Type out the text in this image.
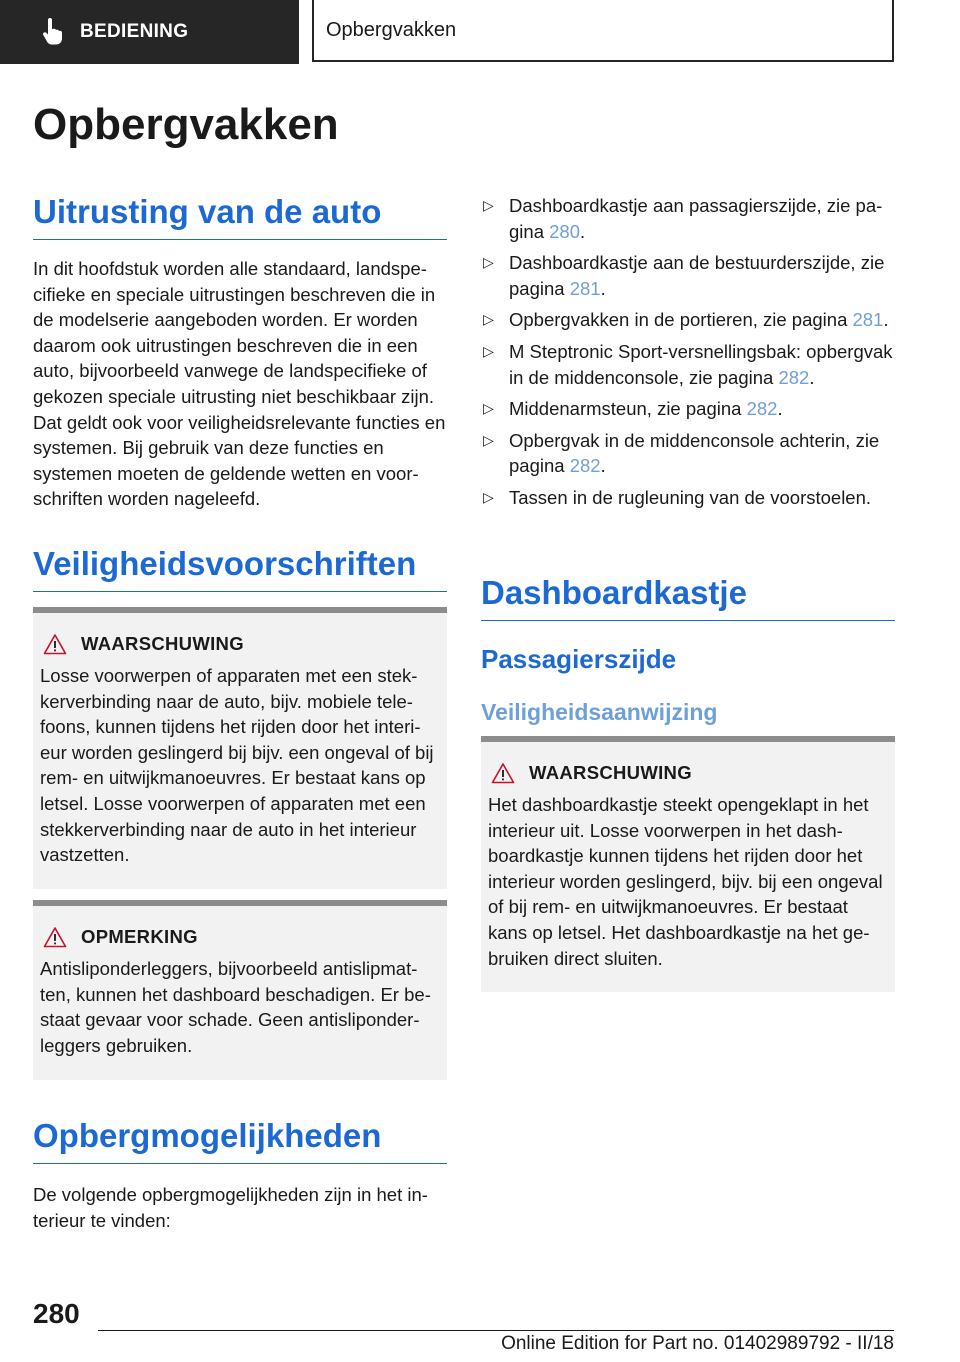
BEDIENING	Opbergvakken
Opbergvakken
Uitrusting van de auto

In dit hoofdstuk worden alle standaard, landspecifieke en speciale uitrustingen beschreven die in de modelserie aangeboden worden. Er worden daarom ook uitrustingen beschreven die in een auto, bijvoorbeeld vanwege de landspecifieke of gekozen speciale uitrusting niet beschikbaar zijn. Dat geldt ook voor veiligheidsrelevante functies en systemen. Bij gebruik van deze functies en systemen moeten de geldende wetten en voorschriften worden nageleefd.

Veiligheidsvoorschriften
WAARSCHUWING
Losse voorwerpen of apparaten met een stekkerverbinding naar de auto, bijv. mobiele telefoons, kunnen tijdens het rijden door het interieur worden geslingerd bij bijv. een ongeval of bij rem- en uitwijkmanoeuvres. Er bestaat kans op letsel. Losse voorwerpen of apparaten met een stekkerverbinding naar de auto in het interieur vastzetten.
OPMERKING
Antisliponderleggers, bijvoorbeeld antislipmatten, kunnen het dashboard beschadigen. Er bestaat gevaar voor schade. Geen antisliponderleggers gebruiken.
Opbergmogelijkheden

De volgende opbergmogelijkheden zijn in het interieur te vinden:

▷ Dashboardkastje aan passagierszijde, zie pagina 280.
▷ Dashboardkastje aan de bestuurderszijde, zie pagina 281.
▷ Opbergvakken in de portieren, zie pagina 281.
▷ M Steptronic Sport-versnellingsbak: opbergvak in de middenconsole, zie pagina 282.
▷ Middenarmsteun, zie pagina 282.
▷ Opbergvak in de middenconsole achterin, zie pagina 282.
▷ Tassen in de rugleuning van de voorstoelen.
Dashboardkastje
Passagierszijde
Veiligheidsaanwijzing
WAARSCHUWING
Het dashboardkastje steekt opengeklapt in het interieur uit. Losse voorwerpen in het dashboardkastje kunnen tijdens het rijden door het interieur worden geslingerd, bijv. bij een ongeval of bij rem- en uitwijkmanoeuvres. Er bestaat kans op letsel. Het dashboardkastje na het gebruiken direct sluiten.
280
Online Edition for Part no. 01402989792 - II/18
